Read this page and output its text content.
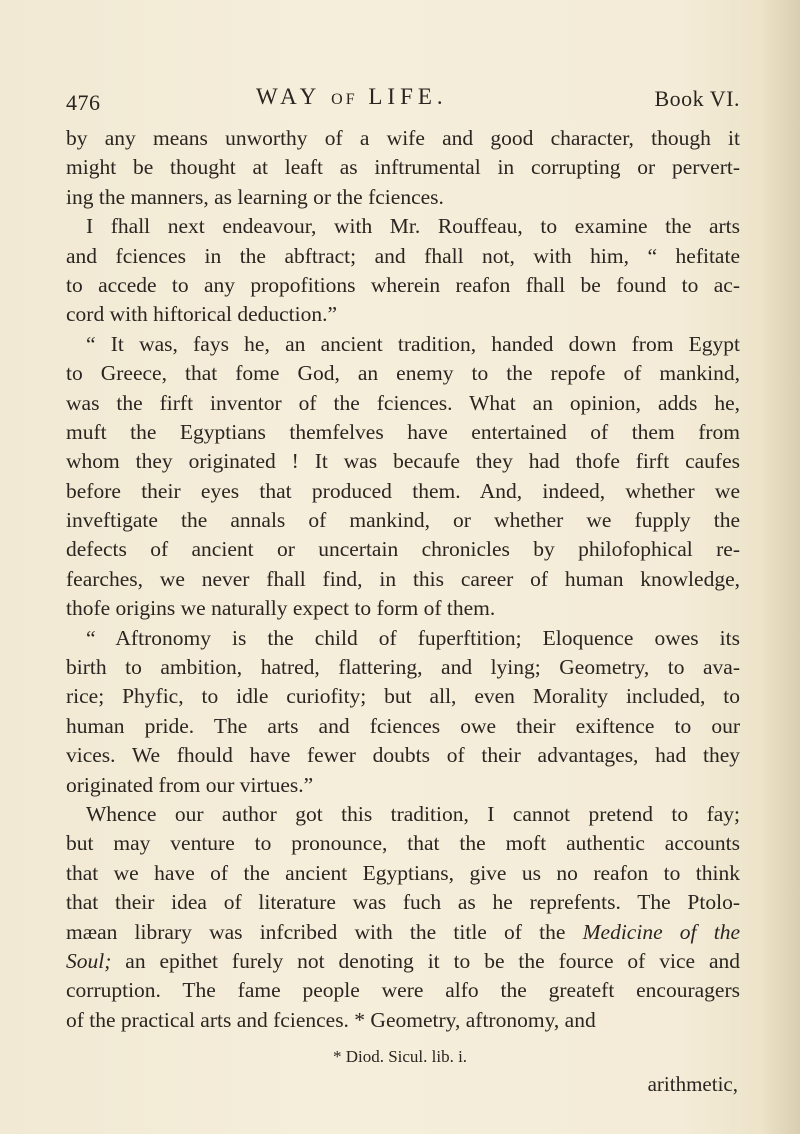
476	WAY OF LIFE.	Book VI.
by any means unworthy of a wife and good character, though it
might be thought at leaft as inftrumental in corrupting or pervert-
ing the manners, as learning or the fciences.
I fhall next endeavour, with Mr. Rouffeau, to examine the arts
and fciences in the abftract; and fhall not, with him, “ hefitate
to accede to any propofitions wherein reafon fhall be found to ac-
cord with hiftorical deduction.”
“ It was, fays he, an ancient tradition, handed down from Egypt
to Greece, that fome God, an enemy to the repofe of mankind,
was the firft inventor of the fciences. What an opinion, adds he,
muft the Egyptians themfelves have entertained of them from
whom they originated ! It was becaufe they had thofe firft caufes
before their eyes that produced them. And, indeed, whether we
inveftigate the annals of mankind, or whether we fupply the
defects of ancient or uncertain chronicles by philofophical re-
fearches, we never fhall find, in this career of human knowledge,
thofe origins we naturally expect to form of them.
“ Aftronomy is the child of fuperftition; Eloquence owes its
birth to ambition, hatred, flattering, and lying; Geometry, to ava-
rice; Phyfic, to idle curiofity; but all, even Morality included, to
human pride. The arts and fciences owe their exiftence to our
vices. We fhould have fewer doubts of their advantages, had they
originated from our virtues.”
Whence our author got this tradition, I cannot pretend to fay;
but may venture to pronounce, that the moft authentic accounts
that we have of the ancient Egyptians, give us no reafon to think
that their idea of literature was fuch as he reprefents. The Ptolo-
mæan library was infcribed with the title of the Medicine of the
Soul; an epithet furely not denoting it to be the fource of vice and
corruption. The fame people were alfo the greateft encouragers
of the practical arts and fciences. * Geometry, aftronomy, and
* Diod. Sicul. lib. i.
arithmetic,
